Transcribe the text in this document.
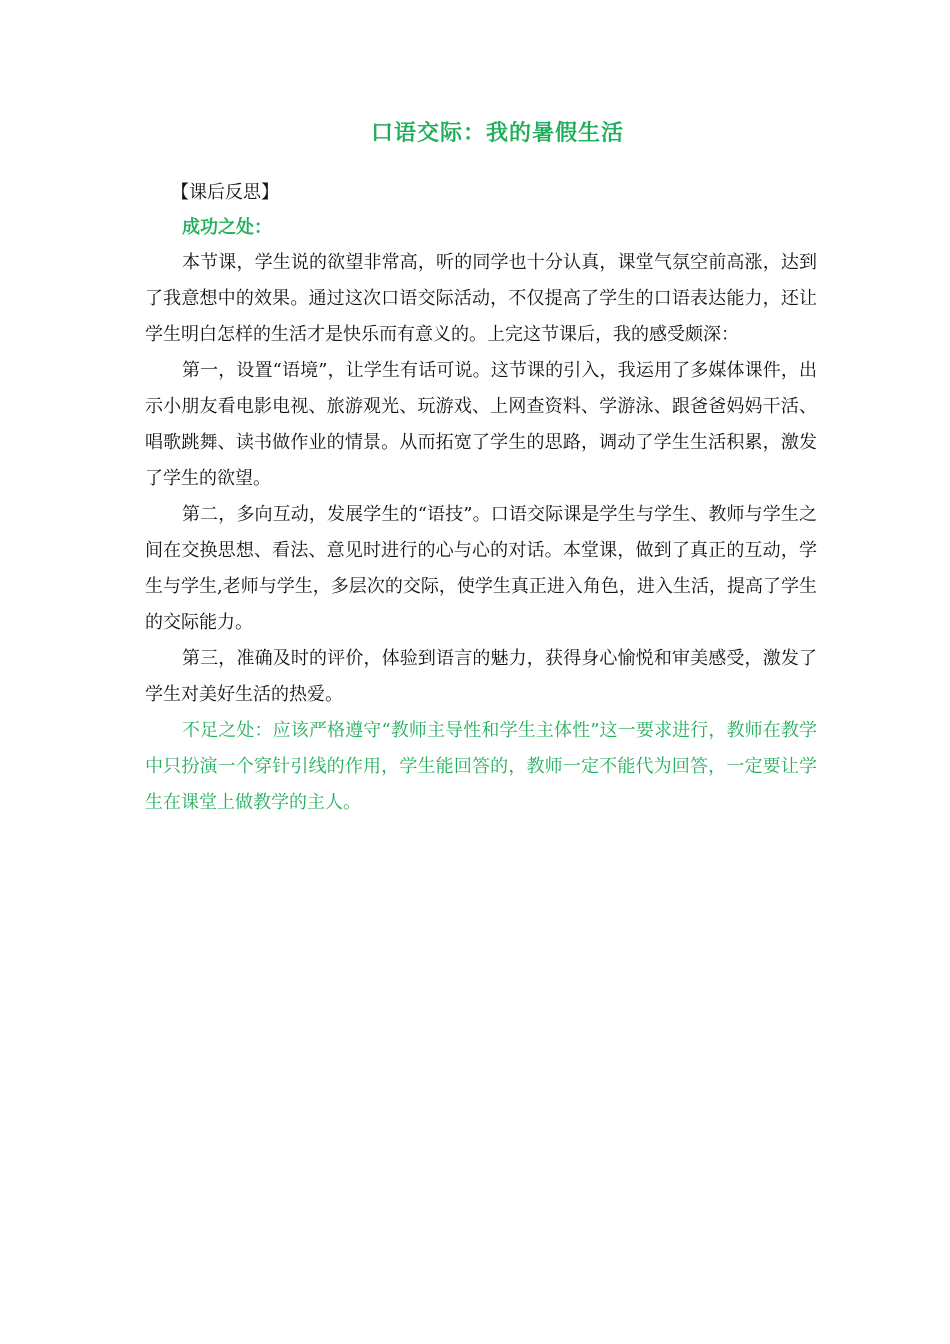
口语交际：我的暑假生活
【课后反思】
成功之处：

本节课，学生说的欲望非常高，听的同学也十分认真，课堂气氛空前高涨，达到了我意想中的效果。通过这次口语交际活动，不仅提高了学生的口语表达能力，还让学生明白怎样的生活才是快乐而有意义的。上完这节课后，我的感受颇深：

第一，设置“语境”，让学生有话可说。这节课的引入，我运用了多媒体课件，出示小朋友看电影电视、旅游观光、玩游戏、上网查资料、学游泳、跟爸爸妈妈干活、唱歌跳舞、读书做作业的情景。从而拓宽了学生的思路，调动了学生生活积累，激发了学生的欲望。

第二，多向互动，发展学生的“语技”。口语交际课是学生与学生、教师与学生之间在交换思想、看法、意见时进行的心与心的对话。本堂课，做到了真正的互动，学生与学生,老师与学生，多层次的交际，使学生真正进入角色，进入生活，提高了学生的交际能力。

第三，准确及时的评价，体验到语言的魅力，获得身心愉悦和审美感受，激发了学生对美好生活的热爱。

不足之处：应该严格遵守“教师主导性和学生主体性”这一要求进行，教师在教学中只扮演一个穿针引线的作用，学生能回答的，教师一定不能代为回答，一定要让学生在课堂上做教学的主人。
